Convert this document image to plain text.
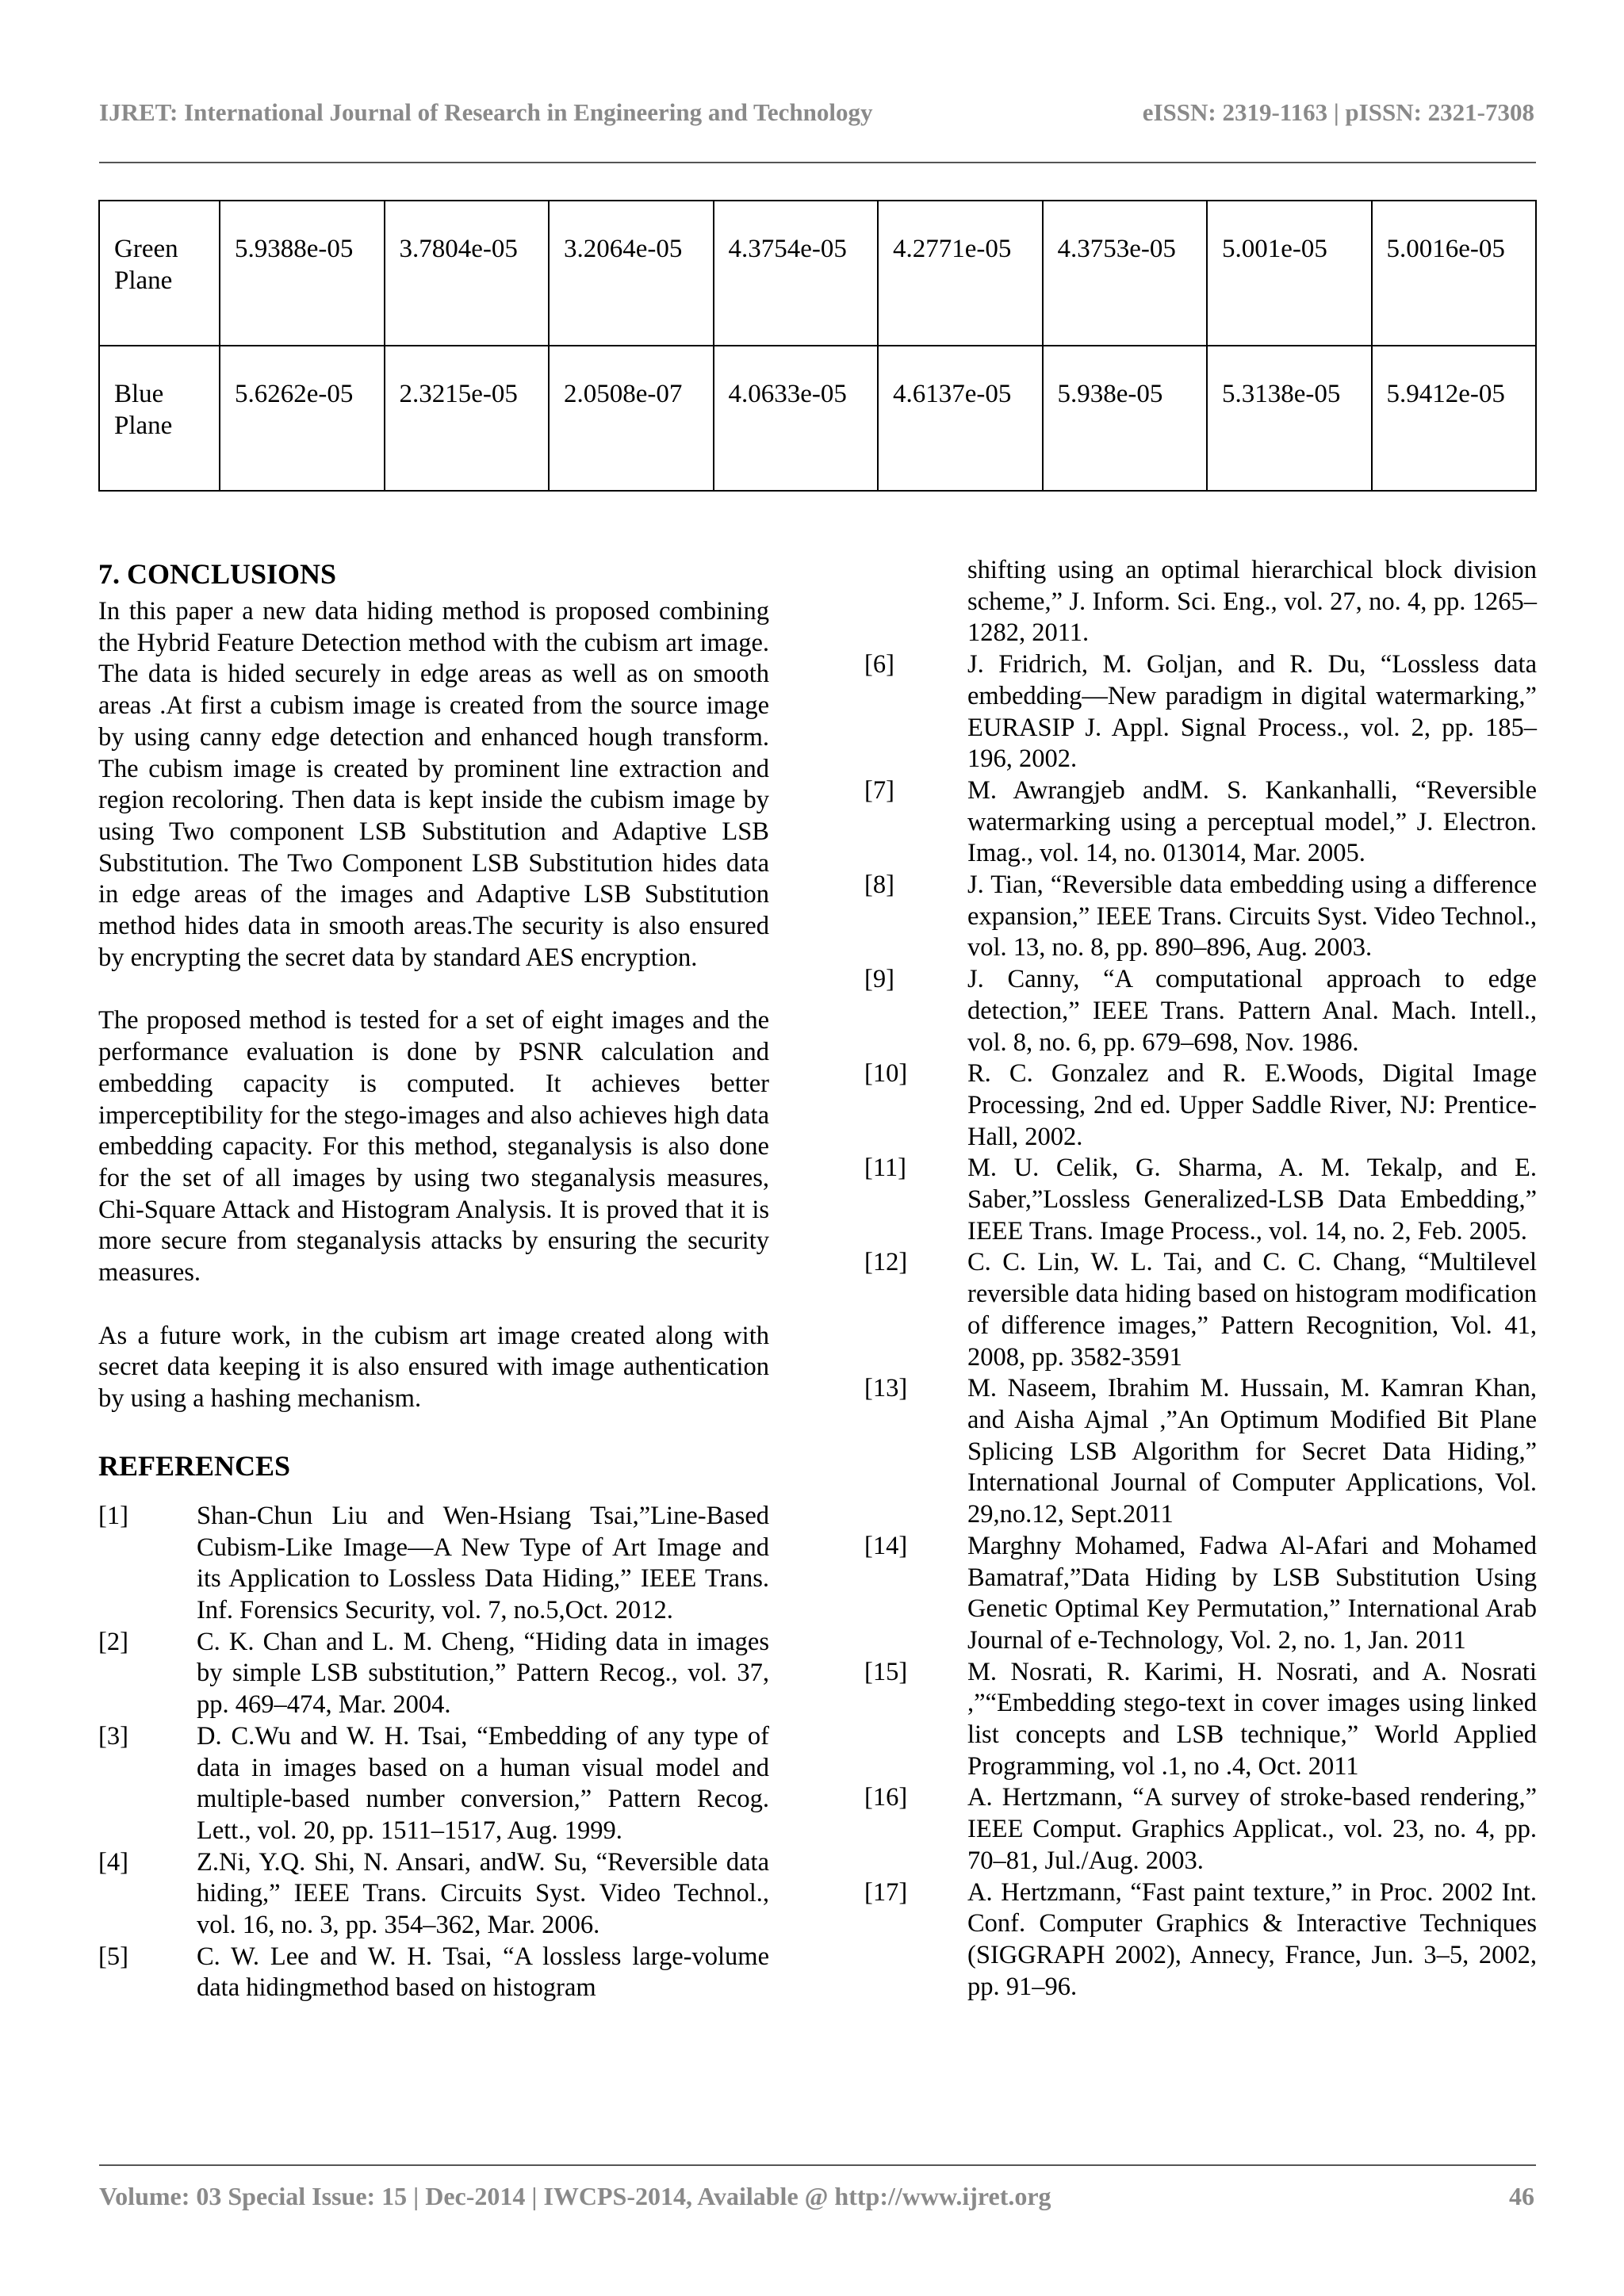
IJRET: International Journal of Research in Engineering and Technology	eISSN: 2319-1163 | pISSN: 2321-7308
Green Plane	5.9388e-05	3.7804e-05	3.2064e-05	4.3754e-05	4.2771e-05	4.3753e-05	5.001e-05	5.0016e-05
Blue Plane	5.6262e-05	2.3215e-05	2.0508e-07	4.0633e-05	4.6137e-05	5.938e-05	5.3138e-05	5.9412e-05
7. CONCLUSIONS

In this paper a new data hiding method is proposed combining the Hybrid Feature Detection method with the cubism art image. The data is hided securely in edge areas as well as on smooth areas .At first a cubism image is created from the source image by using canny edge detection and enhanced hough transform. The cubism image is created by prominent line extraction and region recoloring. Then data is kept inside the cubism image by using Two component LSB Substitution and Adaptive LSB Substitution. The Two Component LSB Substitution hides data in edge areas of the images and Adaptive LSB Substitution method hides data in smooth areas.The security is also ensured by encrypting the secret data by standard AES encryption.

The proposed method is tested for a set of eight images and the performance evaluation is done by PSNR calculation and embedding capacity is computed. It achieves better imperceptibility for the stego-images and also achieves high data embedding capacity. For this method, steganalysis is also done for the set of all images by using two steganalysis measures, Chi-Square Attack and Histogram Analysis. It is proved that it is more secure from steganalysis attacks by ensuring the security measures.

As a future work, in the cubism art image created along with secret data keeping it is also ensured with image authentication by using a hashing mechanism.

REFERENCES
[1]	Shan-Chun Liu and Wen-Hsiang Tsai,”Line-Based Cubism-Like Image—A New Type of Art Image and its Application to Lossless Data Hiding,” IEEE Trans. Inf. Forensics Security, vol. 7, no.5,Oct. 2012.
[2]	C. K. Chan and L. M. Cheng, “Hiding data in images by simple LSB substitution,” Pattern Recog., vol. 37, pp. 469–474, Mar. 2004.
[3]	D. C.Wu and W. H. Tsai, “Embedding of any type of data in images based on a human visual model and multiple-based number conversion,” Pattern Recog. Lett., vol. 20, pp. 1511–1517, Aug. 1999.
[4]	Z.Ni, Y.Q. Shi, N. Ansari, andW. Su, “Reversible data hiding,” IEEE Trans. Circuits Syst. Video Technol., vol. 16, no. 3, pp. 354–362, Mar. 2006.
[5]	C. W. Lee and W. H. Tsai, “A lossless large-volume data hidingmethod based on histogram
shifting using an optimal hierarchical block division scheme,” J. Inform. Sci. Eng., vol. 27, no. 4, pp. 1265–1282, 2011.
[6]	J. Fridrich, M. Goljan, and R. Du, “Lossless data embedding—New paradigm in digital watermarking,” EURASIP J. Appl. Signal Process., vol. 2, pp. 185–196, 2002.
[7]	M. Awrangjeb andM. S. Kankanhalli, “Reversible watermarking using a perceptual model,” J. Electron. Imag., vol. 14, no. 013014, Mar. 2005.
[8]	J. Tian, “Reversible data embedding using a difference expansion,” IEEE Trans. Circuits Syst. Video Technol., vol. 13, no. 8, pp. 890–896, Aug. 2003.
[9]	J. Canny, “A computational approach to edge detection,” IEEE Trans. Pattern Anal. Mach. Intell., vol. 8, no. 6, pp. 679–698, Nov. 1986.
[10]	R. C. Gonzalez and R. E.Woods, Digital Image Processing, 2nd ed. Upper Saddle River, NJ: Prentice-Hall, 2002.
[11]	M. U. Celik, G. Sharma, A. M. Tekalp, and E. Saber,”Lossless Generalized-LSB Data Embedding,” IEEE Trans. Image Process., vol. 14, no. 2, Feb. 2005.
[12]	C. C. Lin, W. L. Tai, and C. C. Chang, “Multilevel reversible data hiding based on histogram modification of difference images,” Pattern Recognition, Vol. 41, 2008, pp. 3582-3591
[13]	M. Naseem, Ibrahim M. Hussain, M. Kamran Khan, and Aisha Ajmal ,”An Optimum Modified Bit Plane Splicing LSB Algorithm for Secret Data Hiding,” International Journal of Computer Applications, Vol. 29,no.12, Sept.2011
[14]	Marghny Mohamed, Fadwa Al-Afari and Mohamed Bamatraf,”Data Hiding by LSB Substitution Using Genetic Optimal Key Permutation,” International Arab Journal of e-Technology, Vol. 2, no. 1, Jan. 2011
[15]	M. Nosrati, R. Karimi, H. Nosrati, and A. Nosrati ,”“Embedding stego-text in cover images using linked list concepts and LSB technique,” World Applied Programming, vol .1, no .4, Oct. 2011
[16]	A. Hertzmann, “A survey of stroke-based rendering,” IEEE Comput. Graphics Applicat., vol. 23, no. 4, pp. 70–81, Jul./Aug. 2003.
[17]	A. Hertzmann, “Fast paint texture,” in Proc. 2002 Int. Conf. Computer Graphics & Interactive Techniques (SIGGRAPH 2002), Annecy, France, Jun. 3–5, 2002, pp. 91–96.
Volume: 03 Special Issue: 15 | Dec-2014 | IWCPS-2014, Available @ http://www.ijret.org	46
